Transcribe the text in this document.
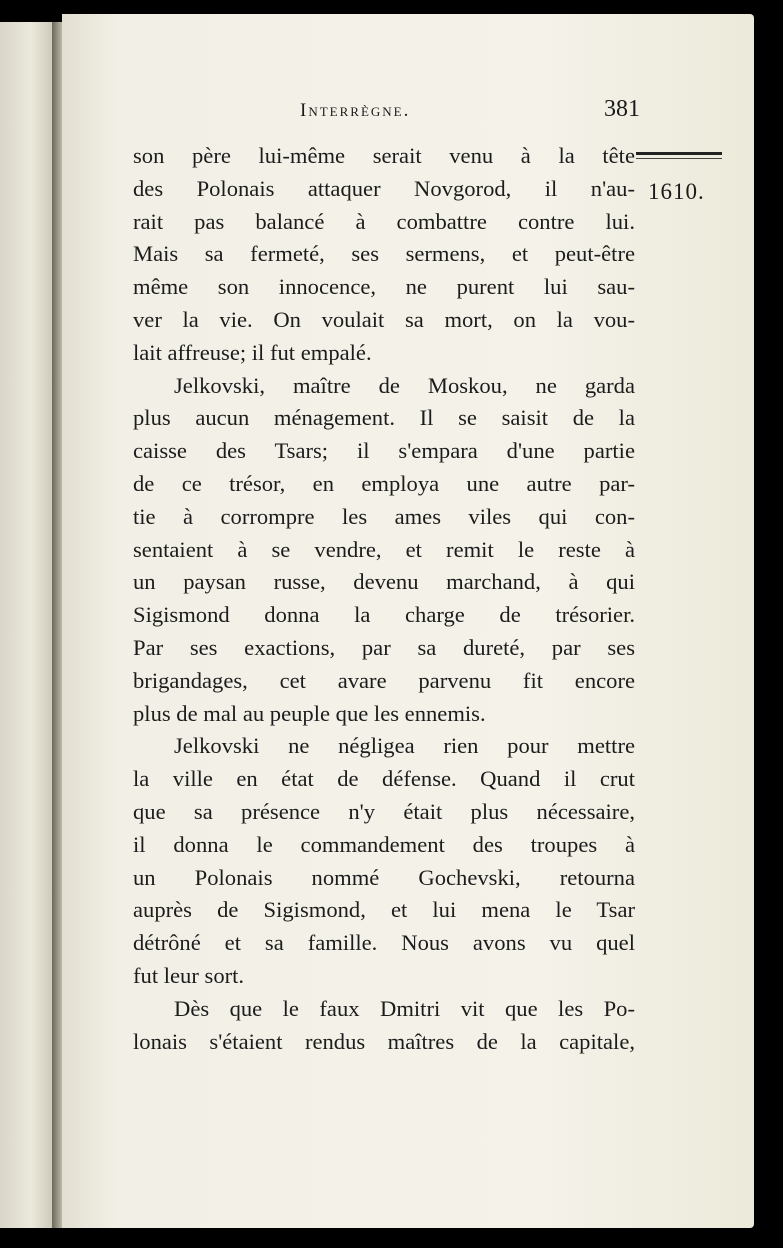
Interrègne.	381
1610.

son père lui-même serait venu à la tête
des Polonais attaquer Novgorod, il n'au-
rait pas balancé à combattre contre lui.
Mais sa fermeté, ses sermens, et peut-être
même son innocence, ne purent lui sau-
ver la vie. On voulait sa mort, on la vou-
lait affreuse; il fut empalé.

Jelkovski, maître de Moskou, ne garda
plus aucun ménagement. Il se saisit de la
caisse des Tsars; il s'empara d'une partie
de ce trésor, en employa une autre par-
tie à corrompre les ames viles qui con-
sentaient à se vendre, et remit le reste à
un paysan russe, devenu marchand, à qui
Sigismond donna la charge de trésorier.
Par ses exactions, par sa dureté, par ses
brigandages, cet avare parvenu fit encore
plus de mal au peuple que les ennemis.

Jelkovski ne négligea rien pour mettre
la ville en état de défense. Quand il crut
que sa présence n'y était plus nécessaire,
il donna le commandement des troupes à
un Polonais nommé Gochevski, retourna
auprès de Sigismond, et lui mena le Tsar
détrôné et sa famille. Nous avons vu quel
fut leur sort.

Dès que le faux Dmitri vit que les Po-
lonais s'étaient rendus maîtres de la capitale,
